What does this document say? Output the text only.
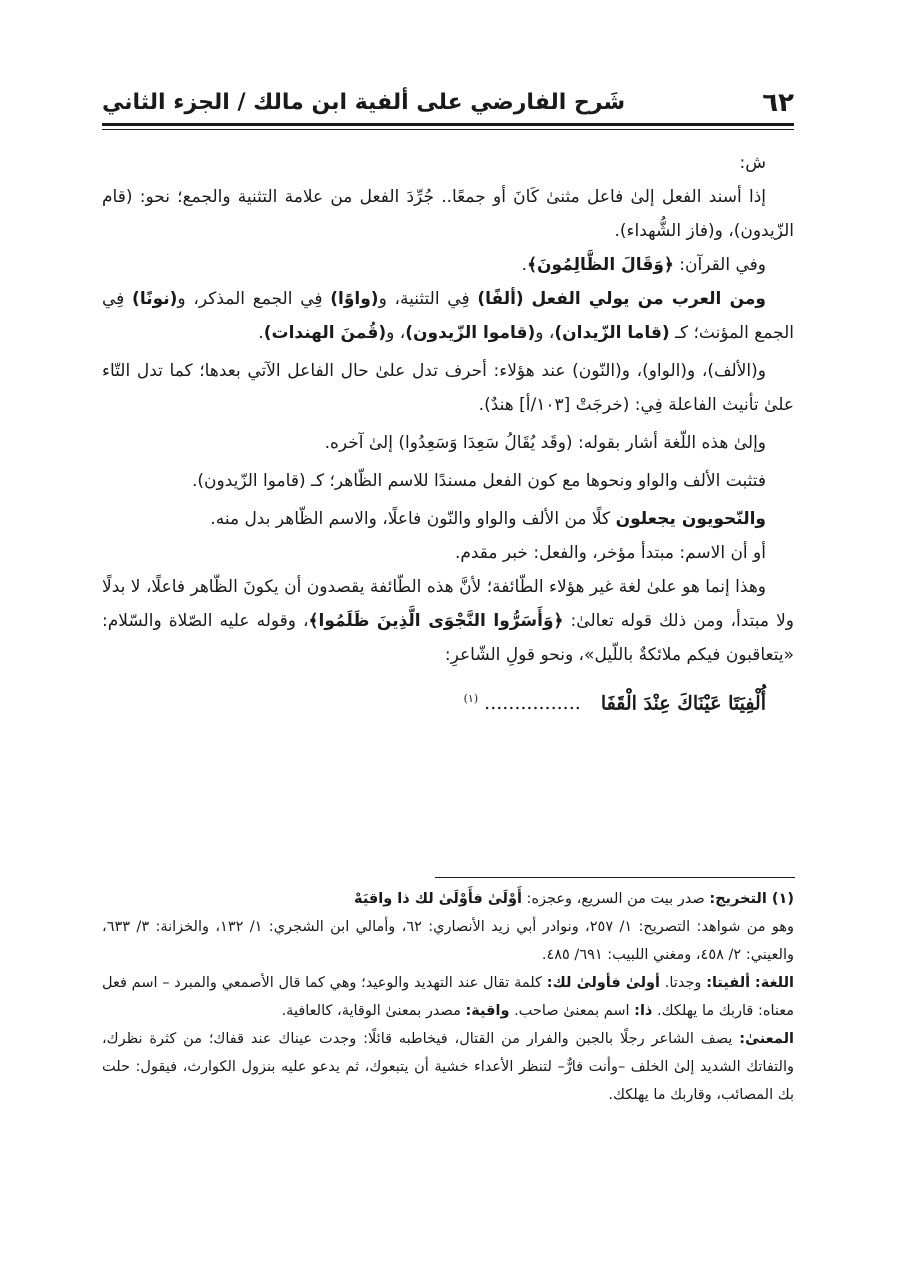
٦٢
شَرح الفارضي على ألفية ابن مالك / الجزء الثاني

ش:

إذا أسند الفعل إلىٰ فاعل مثنىٰ كَانَ أو جمعًا.. جُرِّدَ الفعل من علامة التثنية والجمع؛ نحو: (قام الزّيدون)، و(فاز الشُّهداء).

وفي القرآن: ﴿وَقَالَ الظَّالِمُونَ﴾.

ومن العرب من يولي الفعل (ألفًا) فِي التثنية، و(واوًا) فِي الجمع المذكر، و(نونًا) فِي الجمع المؤنث؛ كـ (قاما الزّيدان)، و(قاموا الزّيدون)، و(قُمنَ الهندات).

و(الألف)، و(الواو)، و(النّون) عند هؤلاء: أحرف تدل علىٰ حال الفاعل الآتي بعدها؛ كما تدل التّاء علىٰ تأنيث الفاعلة فِي: (خرجَتْ [١٠٣/أ] هندٌ).

وإلىٰ هذه اللّغة أشار بقوله: (وقَد يُقَالُ سَعِدَا وَسَعِدُوا) إلىٰ آخره.

فتثبت الألف والواو ونحوها مع كون الفعل مسندًا للاسم الظّاهر؛ كـ (قاموا الزّيدون).

والنّحويون يجعلون كلًا من الألف والواو والنّون فاعلًا، والاسم الظّاهر بدل منه.

أو أن الاسم: مبتدأ مؤخر، والفعل: خبر مقدم.

وهذا إنما هو علىٰ لغة غير هؤلاء الطّائفة؛ لأنَّ هذه الطّائفة يقصدون أن يكونَ الظّاهر فاعلًا، لا بدلًا ولا مبتدأ، ومن ذلك قوله تعالىٰ: ﴿وَأَسَرُّوا النَّجْوَى الَّذِينَ ظَلَمُوا﴾، وقوله عليه الصّلاة والسّلام: «يتعاقبون فيكم ملائكةٌ باللّيل»، ونحو قولِ الشّاعرِ:

أُلْفِيَتَا عَيْنَاكَ عِنْدَ الْقَفَا ................ $^{(١)}$

(١) التخريج: صدر بيت من السريع، وعجزه: أَوْلَىٰ فأَوْلَىٰ لك ذا واقيَهْ

وهو من شواهد: التصريح: ١/ ٢٥٧، ونوادر أبي زيد الأنصاري: ٦٢، وأمالي ابن الشجري: ١/ ١٣٢، والخزانة: ٣/ ٦٣٣، والعيني: ٢/ ٤٥٨، ومغني اللبيب: ٦٩١/ ٤٨٥.

اللغة: ألفيتا: وجدتا. أولىٰ فأولىٰ لك: كلمة تقال عند التهديد والوعيد؛ وهي كما قال الأصمعي والمبرد – اسم فعل معناه: قاربك ما يهلكك. ذا: اسم بمعنىٰ صاحب. واقية: مصدر بمعنىٰ الوقاية، كالعافية.

المعنىٰ: يصف الشاعر رجلًا بالجبن والفرار من القتال، فيخاطبه قائلًا: وجدت عيناك عند قفاك؛ من كثرة نظرك، والتفاتك الشديد إلىٰ الخلف –وأنت فارٌّ– لتنظر الأعداء خشية أن يتبعوك، ثم يدعو عليه بنزول الكوارث، فيقول: حلت بك المصائب، وقاربك ما يهلكك.
